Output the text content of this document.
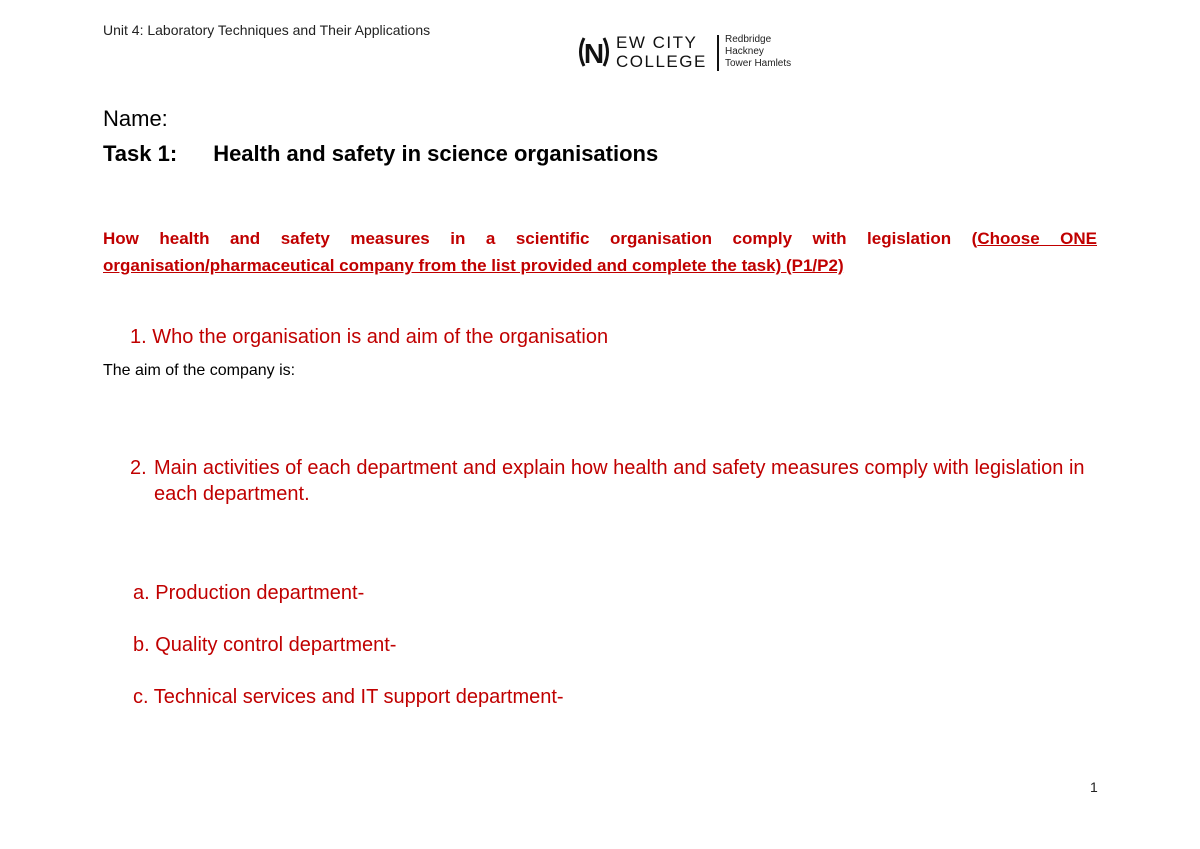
Unit 4: Laboratory Techniques and Their Applications
N EW CITY
COLLEGE
Redbridge
Hackney
Tower Hamlets
Name:
Task 1: Health and safety in science organisations
How health and safety measures in a scientific organisation comply with legislation (Choose ONE organisation/pharmaceutical company from the list provided and complete the task) (P1/P2)
1. Who the organisation is and aim of the organisation
The aim of the company is:
2. Main activities of each department and explain how health and safety measures comply with legislation in each department.
a. Production department-
b. Quality control department-
c. Technical services and IT support department-
1
